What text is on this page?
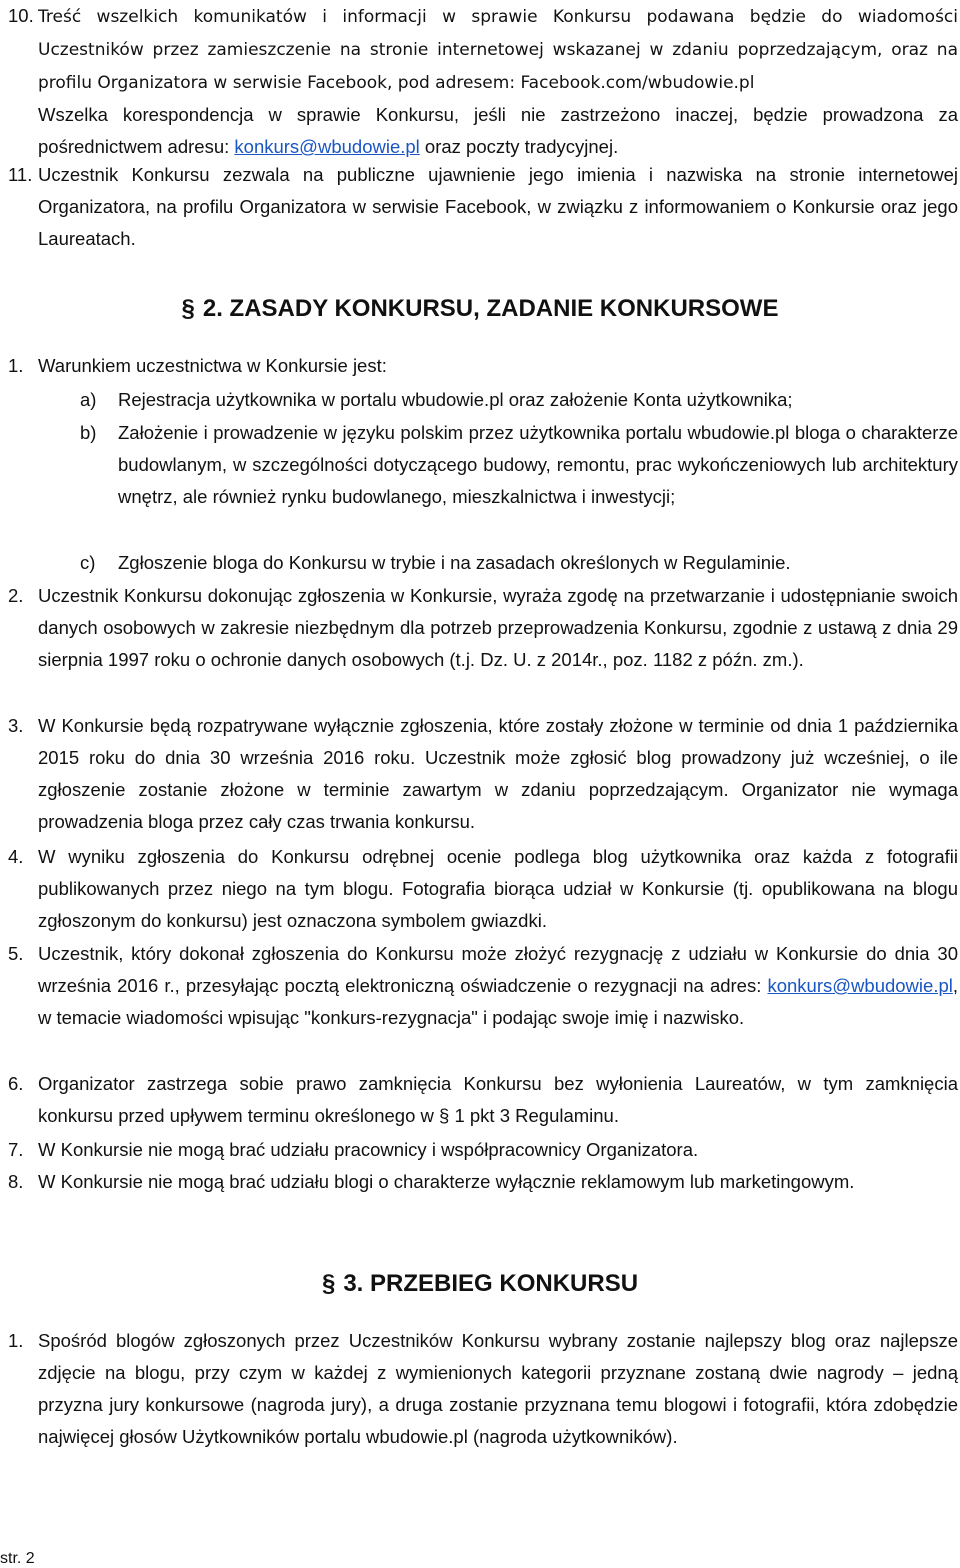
10. Treść wszelkich komunikatów i informacji w sprawie Konkursu podawana będzie do wiadomości Uczestników przez zamieszczenie na stronie internetowej wskazanej w zdaniu poprzedzającym, oraz na profilu Organizatora w serwisie Facebook, pod adresem: Facebook.com/wbudowie.pl
Wszelka korespondencja w sprawie Konkursu, jeśli nie zastrzeżono inaczej, będzie prowadzona za pośrednictwem adresu: konkurs@wbudowie.pl oraz poczty tradycyjnej.
11. Uczestnik Konkursu zezwala na publiczne ujawnienie jego imienia i nazwiska na stronie internetowej Organizatora, na profilu Organizatora w serwisie Facebook, w związku z informowaniem o Konkursie oraz jego Laureatach.
§ 2. ZASADY KONKURSU, ZADANIE KONKURSOWE
1. Warunkiem uczestnictwa w Konkursie jest:
a) Rejestracja użytkownika w portalu wbudowie.pl oraz założenie Konta użytkownika;
b) Założenie i prowadzenie w języku polskim przez użytkownika portalu wbudowie.pl bloga o charakterze budowlanym, w szczególności dotyczącego budowy, remontu, prac wykończeniowych lub architektury wnętrz, ale również rynku budowlanego, mieszkalnictwa i inwestycji;
c) Zgłoszenie bloga do Konkursu w trybie i na zasadach określonych w Regulaminie.
2. Uczestnik Konkursu dokonując zgłoszenia w Konkursie, wyraża zgodę na przetwarzanie i udostępnianie swoich danych osobowych w zakresie niezbędnym dla potrzeb przeprowadzenia Konkursu, zgodnie z ustawą z dnia 29 sierpnia 1997 roku o ochronie danych osobowych (t.j. Dz. U. z 2014r., poz. 1182 z późn. zm.).
3. W Konkursie będą rozpatrywane wyłącznie zgłoszenia, które zostały złożone w terminie od dnia 1 października 2015 roku do dnia 30 września 2016 roku. Uczestnik może zgłosić blog prowadzony już wcześniej, o ile zgłoszenie zostanie złożone w terminie zawartym w zdaniu poprzedzającym. Organizator nie wymaga prowadzenia bloga przez cały czas trwania konkursu.
4. W wyniku zgłoszenia do Konkursu odrębnej ocenie podlega blog użytkownika oraz każda z fotografii publikowanych przez niego na tym blogu. Fotografia biorąca udział w Konkursie (tj. opublikowana na blogu zgłoszonym do konkursu) jest oznaczona symbolem gwiazdki.
5. Uczestnik, który dokonał zgłoszenia do Konkursu może złożyć rezygnację z udziału w Konkursie do dnia 30 września 2016 r., przesyłając pocztą elektroniczną oświadczenie o rezygnacji na adres: konkurs@wbudowie.pl, w temacie wiadomości wpisując "konkurs-rezygnacja" i podając swoje imię i nazwisko.
6. Organizator zastrzega sobie prawo zamknięcia Konkursu bez wyłonienia Laureatów, w tym zamknięcia konkursu przed upływem terminu określonego w § 1 pkt 3 Regulaminu.
7. W Konkursie nie mogą brać udziału pracownicy i współpracownicy Organizatora.
8. W Konkursie nie mogą brać udziału blogi o charakterze wyłącznie reklamowym lub marketingowym.
§ 3. PRZEBIEG KONKURSU
1. Spośród blogów zgłoszonych przez Uczestników Konkursu wybrany zostanie najlepszy blog oraz najlepsze zdjęcie na blogu, przy czym w każdej z wymienionych kategorii przyznane zostaną dwie nagrody – jedną przyzna jury konkursowe (nagroda jury), a druga zostanie przyznana temu blogowi i fotografii, która zdobędzie najwięcej głosów Użytkowników portalu wbudowie.pl (nagroda użytkowników).
str. 2
